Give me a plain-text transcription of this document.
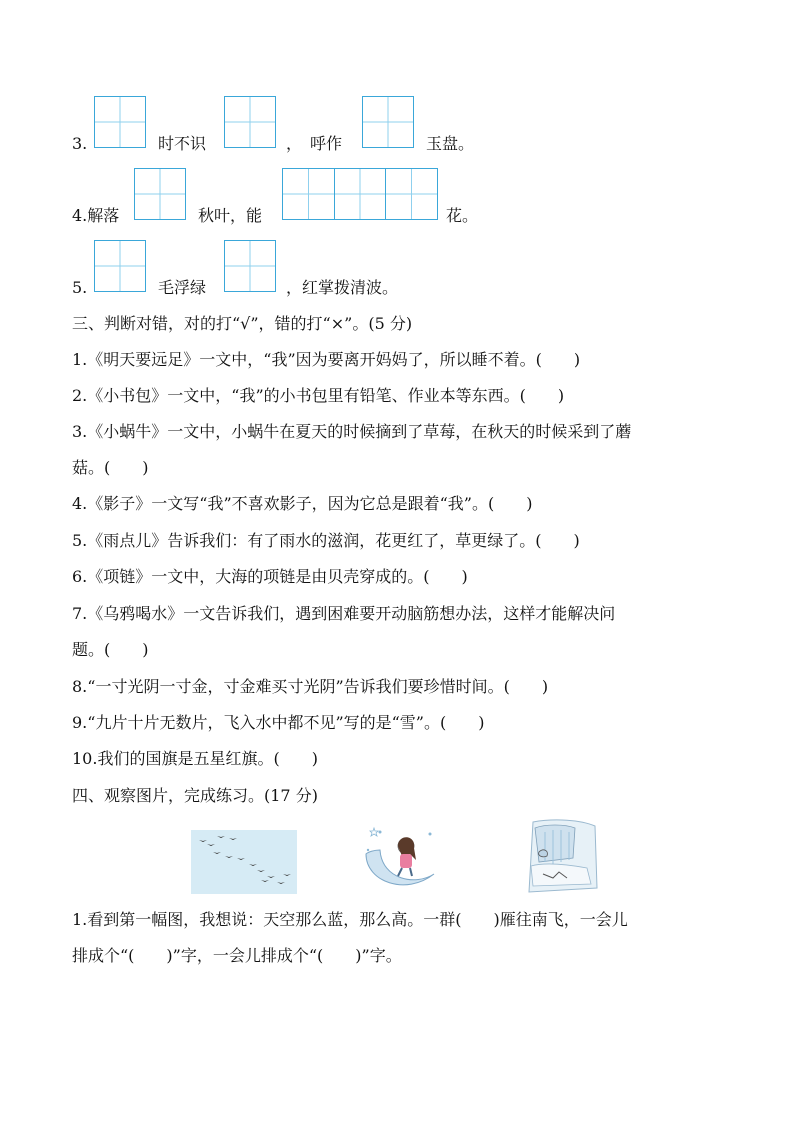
3.	时不识	，　呼作	玉盘。
4.解落	秋叶，能	花。
5.	毛浮绿	，红掌拨清波。
三、判断对错，对的打“√”，错的打“×”。(5 分)
1.《明天要远足》一文中，“我”因为要离开妈妈了，所以睡不着。(　　)
2.《小书包》一文中，“我”的小书包里有铅笔、作业本等东西。(　　)
3.《小蜗牛》一文中，小蜗牛在夏天的时候摘到了草莓，在秋天的时候采到了蘑
菇。(　　)
4.《影子》一文写“我”不喜欢影子，因为它总是跟着“我”。(　　)
5.《雨点儿》告诉我们：有了雨水的滋润，花更红了，草更绿了。(　　)
6.《项链》一文中，大海的项链是由贝壳穿成的。(　　)
7.《乌鸦喝水》一文告诉我们，遇到困难要开动脑筋想办法，这样才能解决问
题。(　　)
8.“一寸光阴一寸金，寸金难买寸光阴”告诉我们要珍惜时间。(　　)
9.“九片十片无数片，飞入水中都不见”写的是“雪”。(　　)
10.我们的国旗是五星红旗。(　　)
四、观察图片，完成练习。(17 分)
1.看到第一幅图，我想说：天空那么蓝，那么高。一群(　　)雁往南飞，一会儿
排成个“(　　)”字，一会儿排成个“(　　)”字。
